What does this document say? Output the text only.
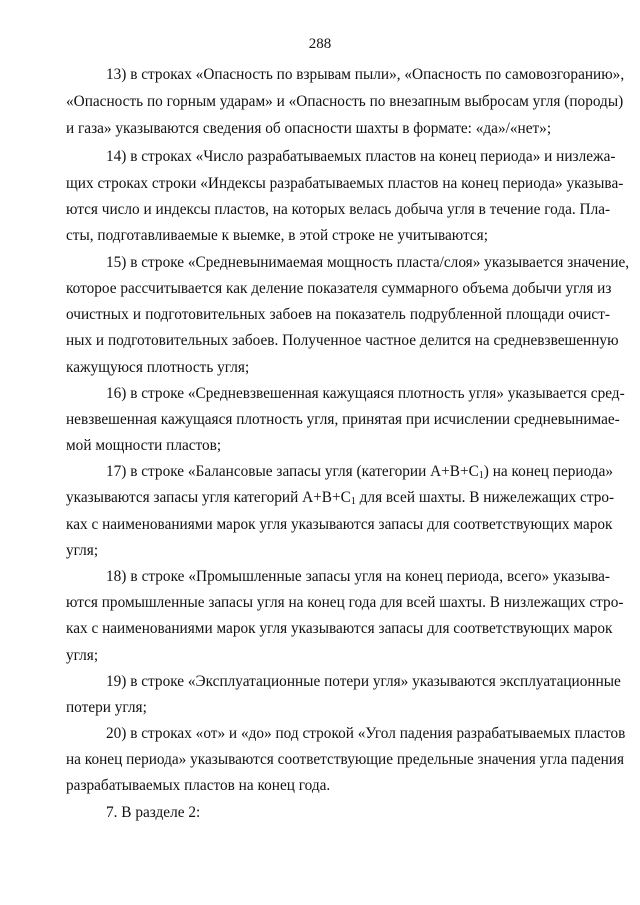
288
13) в строках «Опасность по взрывам пыли», «Опасность по самовозгоранию»,
«Опасность по горным ударам» и «Опасность по внезапным выбросам угля (породы)
и газа» указываются сведения об опасности шахты в формате: «да»/«нет»;
14) в строках «Число разрабатываемых пластов на конец периода» и низлежа-
щих строках строки «Индексы разрабатываемых пластов на конец периода» указыва-
ются число и индексы пластов, на которых велась добыча угля в течение года. Пла-
сты, подготавливаемые к выемке, в этой строке не учитываются;
15) в строке «Средневынимаемая мощность пласта/слоя» указывается значение,
которое рассчитывается как деление показателя суммарного объема добычи угля из
очистных и подготовительных забоев на показатель подрубленной площади очист-
ных и подготовительных забоев. Полученное частное делится на средневзвешенную
кажущуюся плотность угля;
16) в строке «Средневзвешенная кажущаяся плотность угля» указывается сред-
невзвешенная кажущаяся плотность угля, принятая при исчислении средневынимае-
мой мощности пластов;
17) в строке «Балансовые запасы угля (категории $А+В+С_1$) на конец периода»
указываются запасы угля категорий $А+В+С_1$ для всей шахты. В нижележащих стро-
ках с наименованиями марок угля указываются запасы для соответствующих марок
угля;
18) в строке «Промышленные запасы угля на конец периода, всего» указыва-
ются промышленные запасы угля на конец года для всей шахты. В низлежащих стро-
ках с наименованиями марок угля указываются запасы для соответствующих марок
угля;
19) в строке «Эксплуатационные потери угля» указываются эксплуатационные
потери угля;
20) в строках «от» и «до» под строкой «Угол падения разрабатываемых пластов
на конец периода» указываются соответствующие предельные значения угла падения
разрабатываемых пластов на конец года.
7. В разделе 2:
